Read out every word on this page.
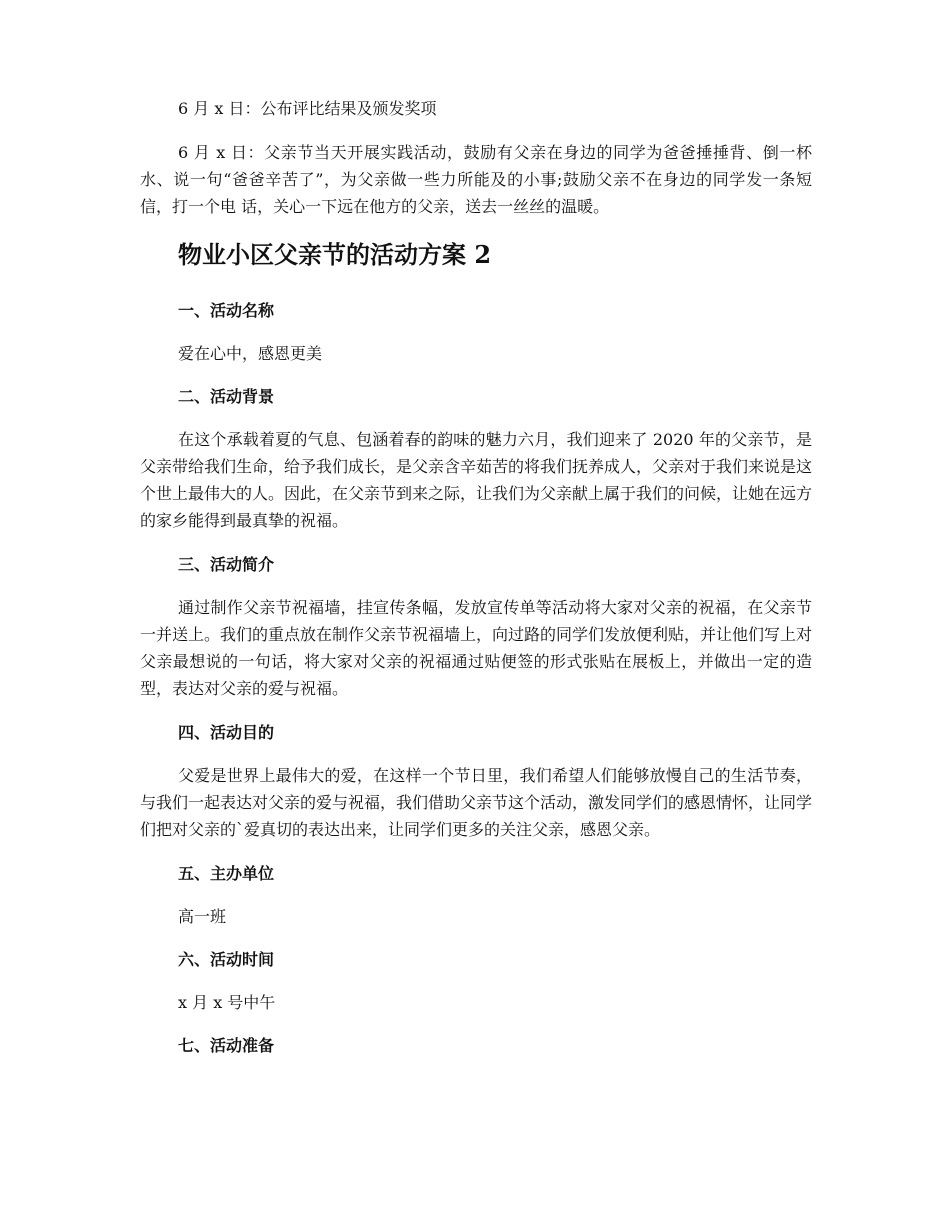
6 月 x 日：公布评比结果及颁发奖项

6 月 x 日：父亲节当天开展实践活动，鼓励有父亲在身边的同学为爸爸捶捶背、倒一杯水、说一句“爸爸辛苦了”，为父亲做一些力所能及的小事;鼓励父亲不在身边的同学发一条短信，打一个电 话，关心一下远在他方的父亲，送去一丝丝的温暖。

物业小区父亲节的活动方案 2
一、活动名称
爱在心中，感恩更美
二、活动背景

在这个承载着夏的气息、包涵着春的韵味的魅力六月，我们迎来了 2020 年的父亲节，是父亲带给我们生命，给予我们成长，是父亲含辛茹苦的将我们抚养成人，父亲对于我们来说是这个世上最伟大的人。因此，在父亲节到来之际，让我们为父亲献上属于我们的问候，让她在远方的家乡能得到最真挚的祝福。

三、活动简介

通过制作父亲节祝福墙，挂宣传条幅，发放宣传单等活动将大家对父亲的祝福，在父亲节一并送上。我们的重点放在制作父亲节祝福墙上，向过路的同学们发放便利贴，并让他们写上对父亲最想说的一句话，将大家对父亲的祝福通过贴便签的形式张贴在展板上，并做出一定的造型，表达对父亲的爱与祝福。

四、活动目的

父爱是世界上最伟大的爱，在这样一个节日里，我们希望人们能够放慢自己的生活节奏，与我们一起表达对父亲的爱与祝福，我们借助父亲节这个活动，激发同学们的感恩情怀，让同学们把对父亲的`爱真切的表达出来，让同学们更多的关注父亲，感恩父亲。

五、主办单位
高一班
六、活动时间
x 月 x 号中午
七、活动准备
